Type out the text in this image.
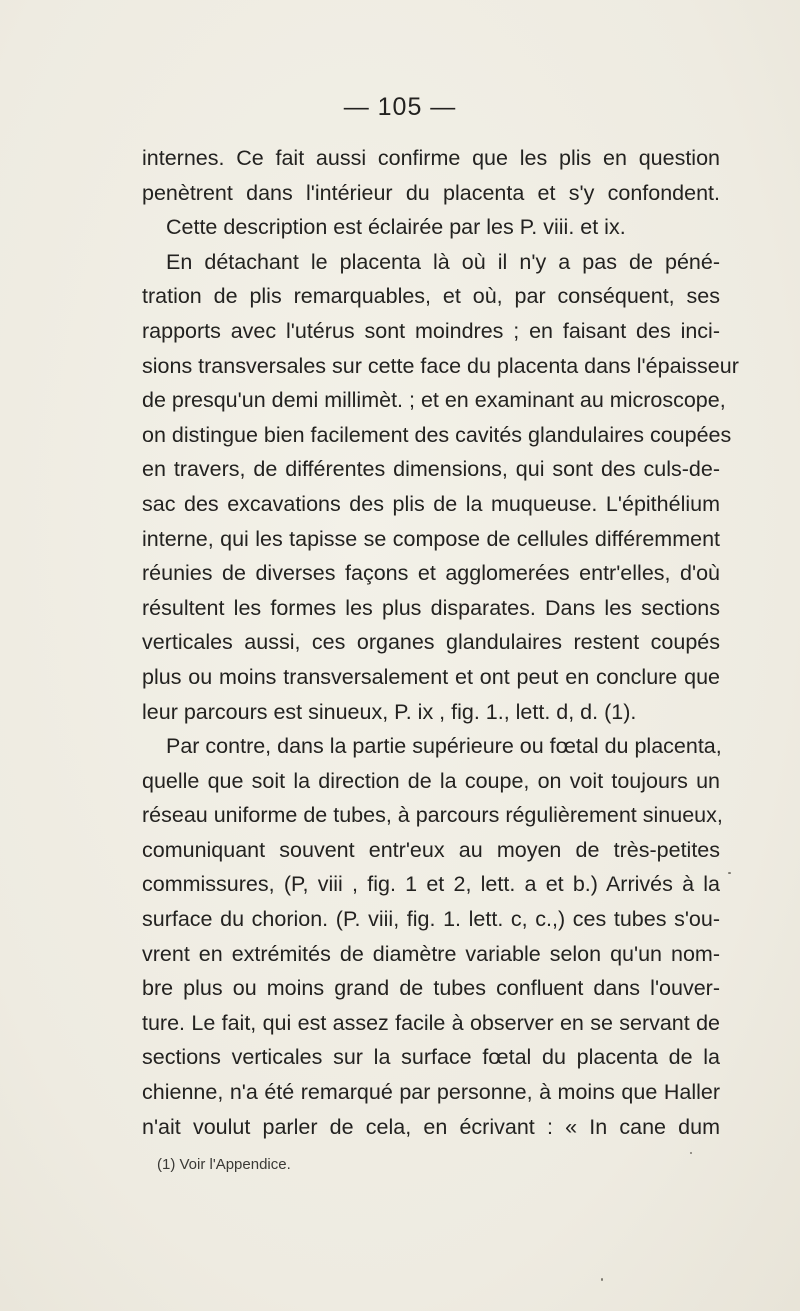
— 105 —
internes. Ce fait aussi confirme que les plis en question
penètrent dans l'intérieur du placenta et s'y confondent.
Cette description est éclairée par les P. viii. et ix.
En détachant le placenta là où il n'y a pas de péné-
tration de plis remarquables, et où, par conséquent, ses
rapports avec l'utérus sont moindres ; en faisant des inci-
sions transversales sur cette face du placenta dans l'épaisseur
de presqu'un demi millimèt. ; et en examinant au microscope,
on distingue bien facilement des cavités glandulaires coupées
en travers, de différentes dimensions, qui sont des culs-de-
sac des excavations des plis de la muqueuse. L'épithélium
interne, qui les tapisse se compose de cellules différemment
réunies de diverses façons et agglomerées entr'elles, d'où
résultent les formes les plus disparates. Dans les sections
verticales aussi, ces organes glandulaires restent coupés
plus ou moins transversalement et ont peut en conclure que
leur parcours est sinueux, P. ix , fig. 1., lett. d, d. (1).
Par contre, dans la partie supérieure ou fœtal du placenta,
quelle que soit la direction de la coupe, on voit toujours un
réseau uniforme de tubes, à parcours régulièrement sinueux,
comuniquant souvent entr'eux au moyen de très-petites
commissures, (P, viii , fig. 1 et 2, lett. a et b.) Arrivés à la
surface du chorion. (P. viii, fig. 1. lett. c, c.,) ces tubes s'ou-
vrent en extrémités de diamètre variable selon qu'un nom-
bre plus ou moins grand de tubes confluent dans l'ouver-
ture. Le fait, qui est assez facile à observer en se servant de
sections verticales sur la surface fœtal du placenta de la
chienne, n'a été remarqué par personne, à moins que Haller
n'ait voulut parler de cela, en écrivant : « In cane dum
(1) Voir l'Appendice.
